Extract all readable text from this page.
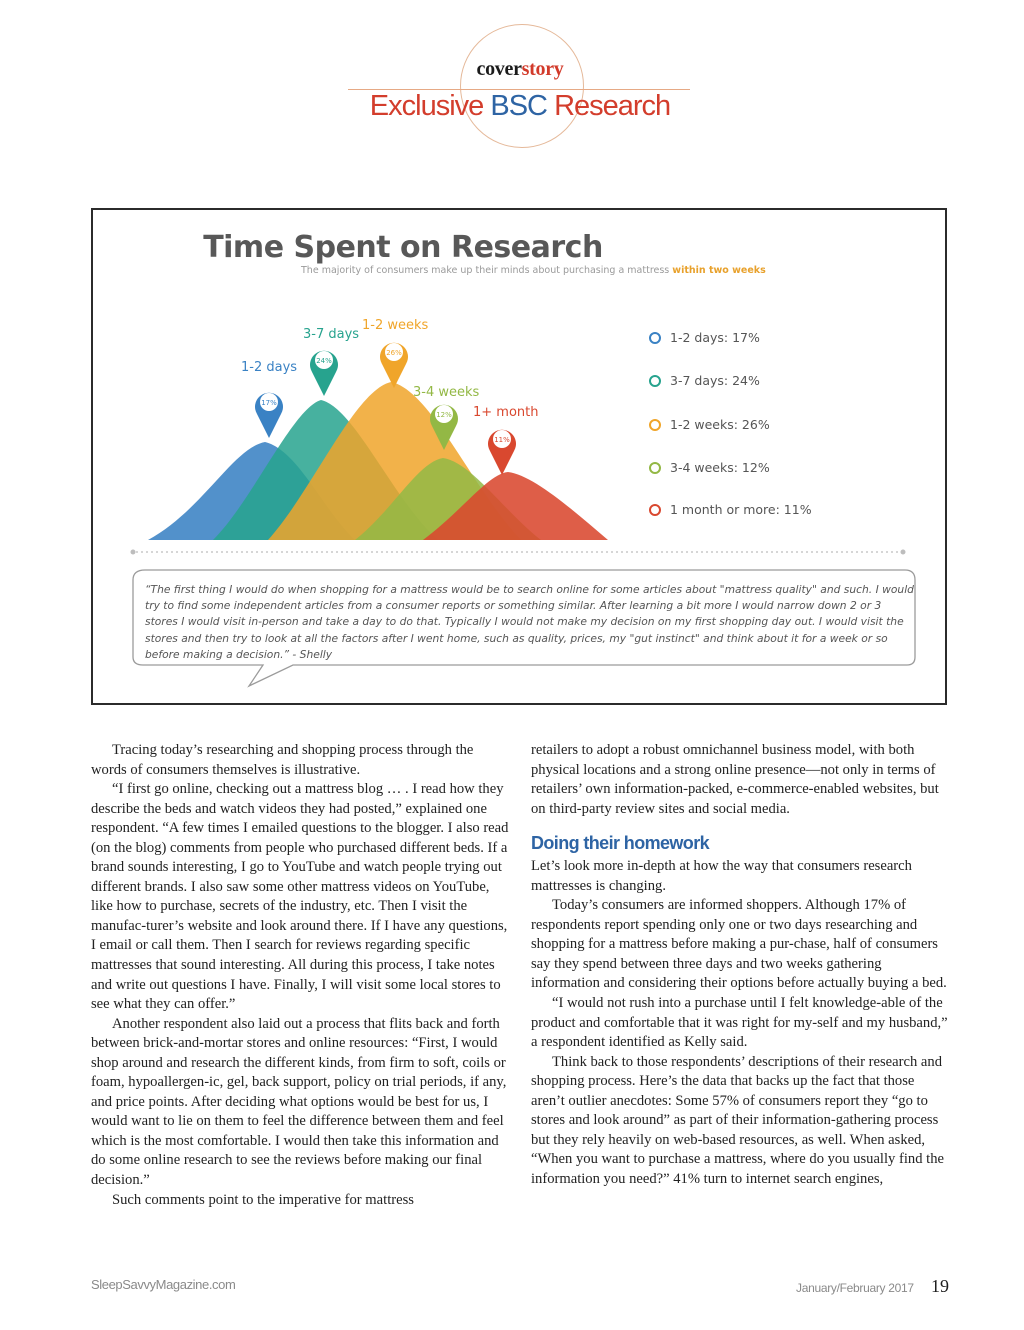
coverstory
Exclusive BSC Research
Time Spent on Research
The majority of consumers make up their minds about purchasing a mattress within two weeks
17%
24%
26%
12%
11%
1-2 days
3-7 days
1-2 weeks
3-4 weeks
1+ month
1-2 days: 17%
3-7 days: 24%
1-2 weeks: 26%
3-4 weeks: 12%
1 month or more: 11%
“The first thing I would do when shopping for a mattress would be to search online for some articles about "mattress quality" and such. I would try to find some independent articles from a consumer reports or something similar. After learning a bit more I would narrow down 2 or 3 stores I would visit in-person and take a day to do that. Typically I would not make my decision on my first shopping day out. I would visit the stores and then try to look at all the factors after I went home, such as quality, prices, my "gut instinct" and think about it for a week or so before making a decision.” - Shelly

Tracing today’s researching and shopping process through the words of consumers themselves is illustrative.

“I first go online, checking out a mattress blog … . I read how they describe the beds and watch videos they had posted,” explained one respondent. “A few times I emailed questions to the blogger. I also read (on the blog) comments from people who purchased different beds. If a brand sounds interesting, I go to YouTube and watch people trying out different brands. I also saw some other mattress videos on YouTube, like how to purchase, secrets of the industry, etc. Then I visit the manufac-turer’s website and look around there. If I have any questions, I email or call them. Then I search for reviews regarding specific mattresses that sound interesting. All during this process, I take notes and write out questions I have. Finally, I will visit some local stores to see what they can offer.”

Another respondent also laid out a process that flits back and forth between brick-and-mortar stores and online resources: “First, I would shop around and research the different kinds, from firm to soft, coils or foam, hypoallergen-ic, gel, back support, policy on trial periods, if any, and price points. After deciding what options would be best for us, I would want to lie on them to feel the difference between them and feel which is the most comfortable. I would then take this information and do some online research to see the reviews before making our final decision.”

Such comments point to the imperative for mattress

retailers to adopt a robust omnichannel business model, with both physical locations and a strong online presence—not only in terms of retailers’ own information-packed, e-commerce-enabled websites, but on third-party review sites and social media.

Doing their homework

Let’s look more in-depth at how the way that consumers research mattresses is changing.

Today’s consumers are informed shoppers. Although 17% of respondents report spending only one or two days researching and shopping for a mattress before making a pur-chase, half of consumers say they spend between three days and two weeks gathering information and considering their options before actually buying a bed.

“I would not rush into a purchase until I felt knowledge-able of the product and comfortable that it was right for my-self and my husband,” a respondent identified as Kelly said.

Think back to those respondents’ descriptions of their research and shopping process. Here’s the data that backs up the fact that those aren’t outlier anecdotes: Some 57% of consumers report they “go to stores and look around” as part of their information-gathering process but they rely heavily on web-based resources, as well. When asked, “When you want to purchase a mattress, where do you usually find the information you need?” 41% turn to internet search engines,

SleepSavvyMagazine.com	January/February 2017 19
